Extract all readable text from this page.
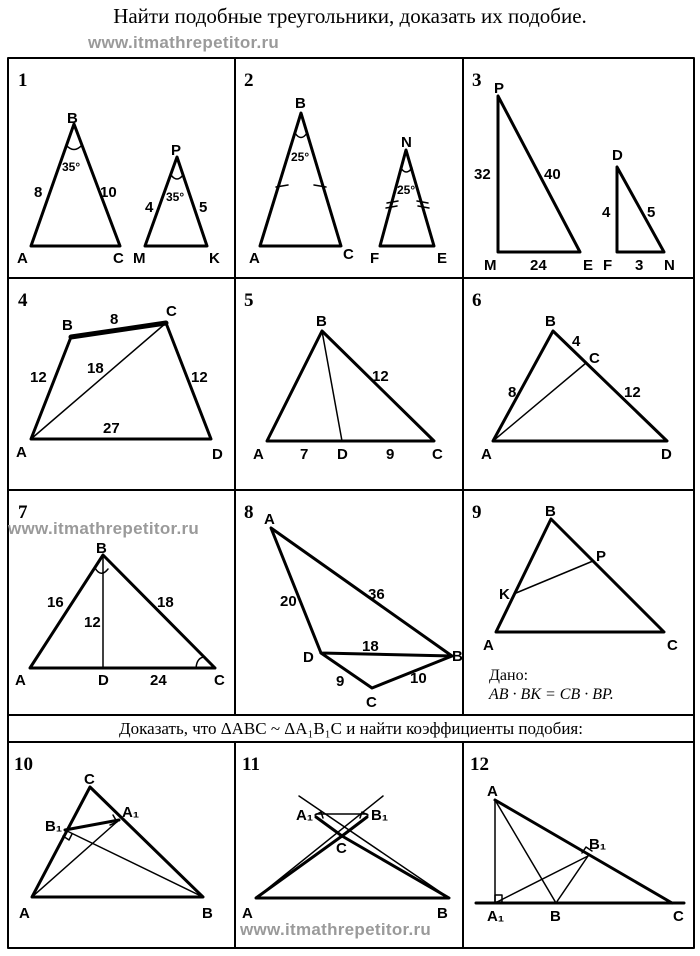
Найти подобные треугольники, доказать их подобие.
www.itmathrepetitor.ru
1	2	3
4	5	6
7	8	9
10	11	12
A
B
C M
P
K
8	10
35°
4	5
35°
A
B
C F
N
E
25°
25°
P
M	E
D
F	N
32	40
24
4 5
3
A
B
C
D
8
12
18
12
27
A
B
C
D
12
7	9	A
B
C
D
4
8	12
A
B
C
D
16
12
18
24
A
B
C
D
20	36
18
9	10
A
B
C
K
P
Дано:
AB · BK = CB · BP.
Доказать, что ΔABC ~ ΔA₁B₁C и найти коэффициенты подобия:
A	B
C
A₁
B₁
A	B
C
A₁	B₁
A
B	C
A₁
B₁
www.itmathrepetitor.ru
www.itmathrepetitor.ru
